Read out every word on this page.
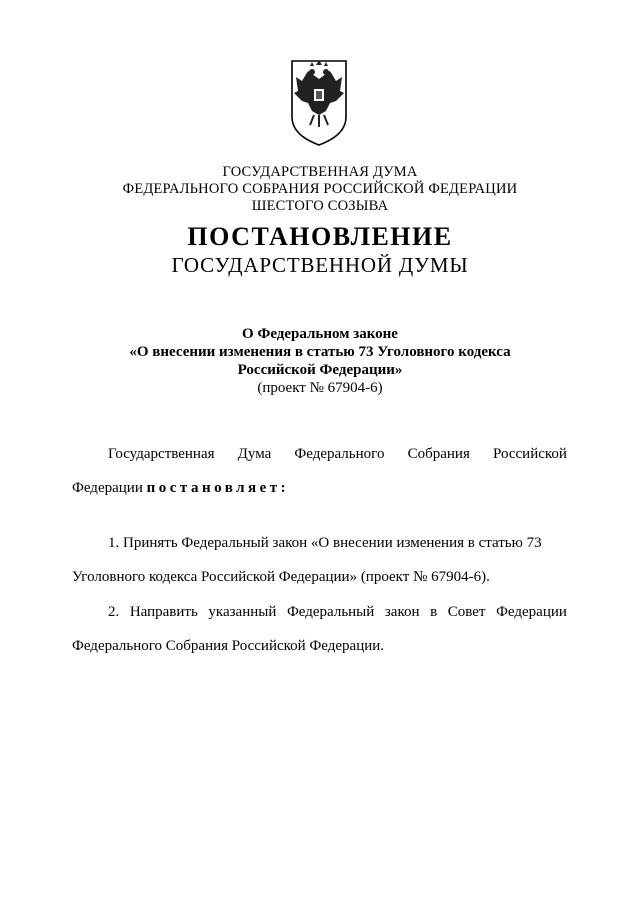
ГОСУДАРСТВЕННАЯ ДУМА
ФЕДЕРАЛЬНОГО СОБРАНИЯ РОССИЙСКОЙ ФЕДЕРАЦИИ
ШЕСТОГО СОЗЫВА
ПОСТАНОВЛЕНИЕ
ГОСУДАРСТВЕННОЙ ДУМЫ
О Федеральном законе
«О внесении изменения в статью 73 Уголовного кодекса
Российской Федерации»
(проект № 67904-6)
Государственная Дума Федерального Собрания Российской
Федерации постановляет:
1. Принять Федеральный закон «О внесении изменения в статью 73
Уголовного кодекса Российской Федерации» (проект № 67904-6).
2. Направить указанный Федеральный закон в Совет Федерации
Федерального Собрания Российской Федерации.
